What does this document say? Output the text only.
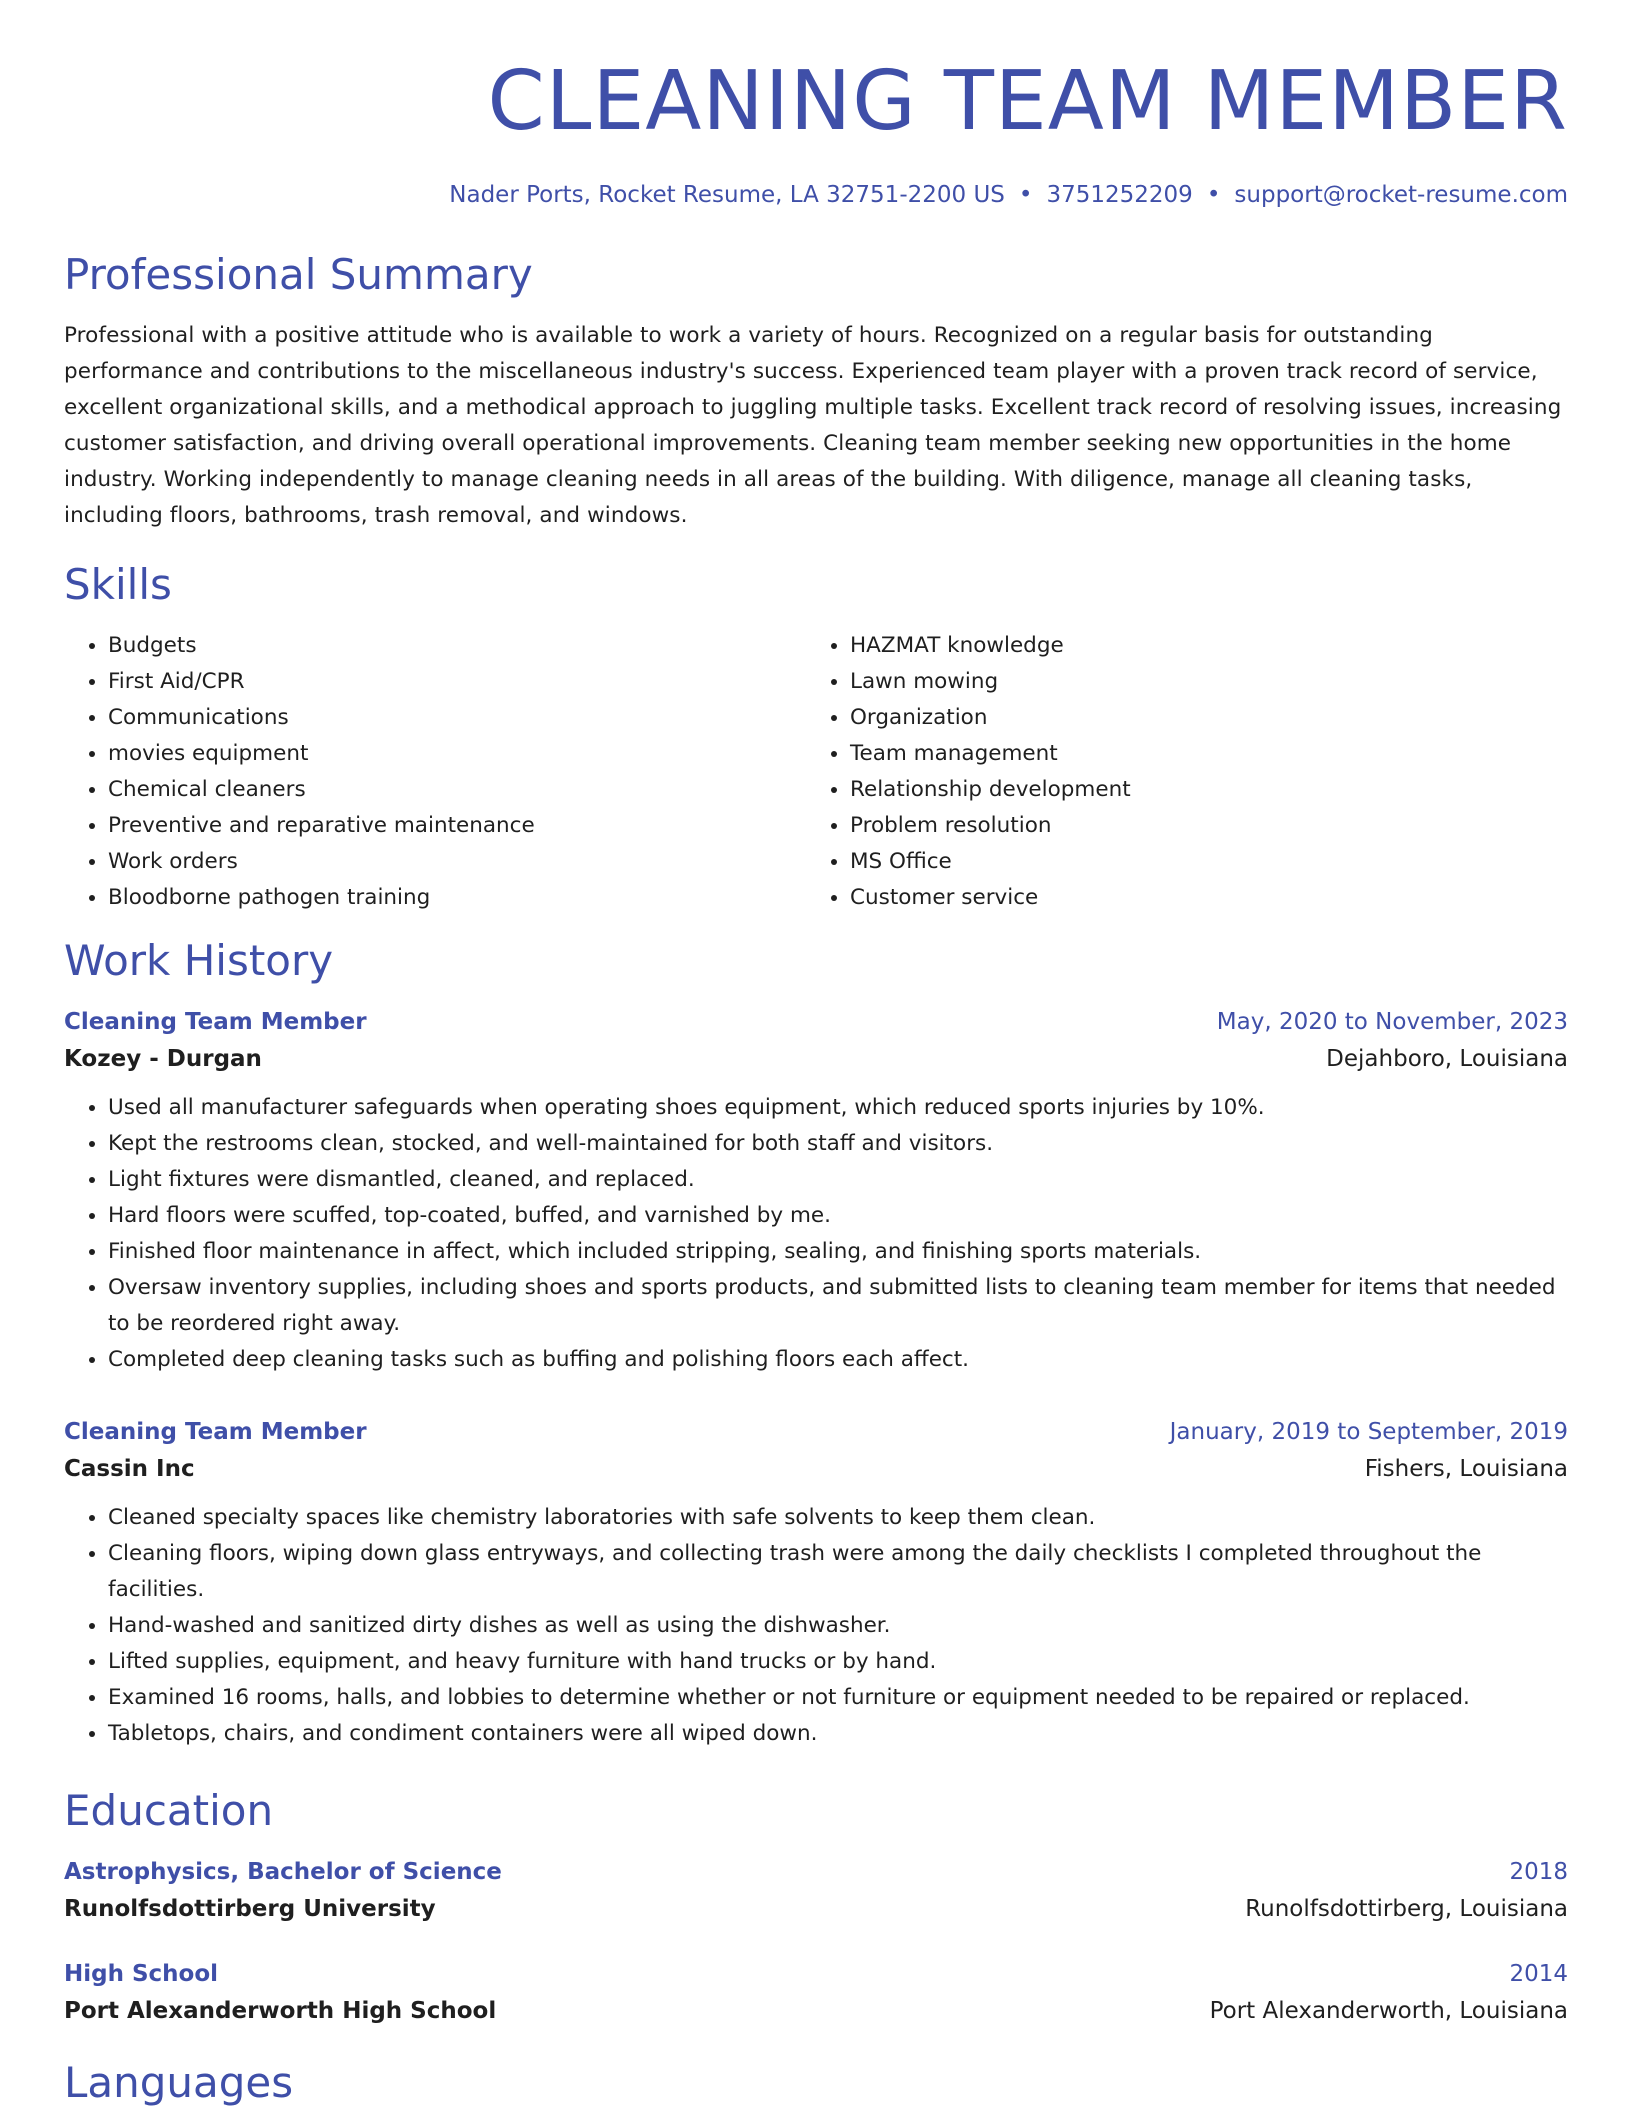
CLEANING TEAM MEMBER
Nader Ports, Rocket Resume, LA 32751-2200 US • 3751252209 • support@rocket-resume.com
Professional Summary
Professional with a positive attitude who is available to work a variety of hours. Recognized on a regular basis for outstanding performance and contributions to the miscellaneous industry's success. Experienced team player with a proven track record of service, excellent organizational skills, and a methodical approach to juggling multiple tasks. Excellent track record of resolving issues, increasing customer satisfaction, and driving overall operational improvements. Cleaning team member seeking new opportunities in the home industry. Working independently to manage cleaning needs in all areas of the building. With diligence, manage all cleaning tasks, including floors, bathrooms, trash removal, and windows.
Skills
• Budgets
• First Aid/CPR
• Communications
• movies equipment
• Chemical cleaners
• Preventive and reparative maintenance
• Work orders
• Bloodborne pathogen training
• HAZMAT knowledge
• Lawn mowing
• Organization
• Team management
• Relationship development
• Problem resolution
• MS Office
• Customer service
Work History
Cleaning Team Member	May, 2020 to November, 2023
Kozey - Durgan	Dejahboro, Louisiana
• Used all manufacturer safeguards when operating shoes equipment, which reduced sports injuries by 10%.
• Kept the restrooms clean, stocked, and well-maintained for both staff and visitors.
• Light fixtures were dismantled, cleaned, and replaced.
• Hard floors were scuffed, top-coated, buffed, and varnished by me.
• Finished floor maintenance in affect, which included stripping, sealing, and finishing sports materials.
• Oversaw inventory supplies, including shoes and sports products, and submitted lists to cleaning team member for items that needed to be reordered right away.
• Completed deep cleaning tasks such as buffing and polishing floors each affect.
Cleaning Team Member	January, 2019 to September, 2019
Cassin Inc	Fishers, Louisiana
• Cleaned specialty spaces like chemistry laboratories with safe solvents to keep them clean.
• Cleaning floors, wiping down glass entryways, and collecting trash were among the daily checklists I completed throughout the facilities.
• Hand-washed and sanitized dirty dishes as well as using the dishwasher.
• Lifted supplies, equipment, and heavy furniture with hand trucks or by hand.
• Examined 16 rooms, halls, and lobbies to determine whether or not furniture or equipment needed to be repaired or replaced.
• Tabletops, chairs, and condiment containers were all wiped down.
Education
Astrophysics, Bachelor of Science	2018
Runolfsdottirberg University	Runolfsdottirberg, Louisiana
High School	2014
Port Alexanderworth High School	Port Alexanderworth, Louisiana
Languages
